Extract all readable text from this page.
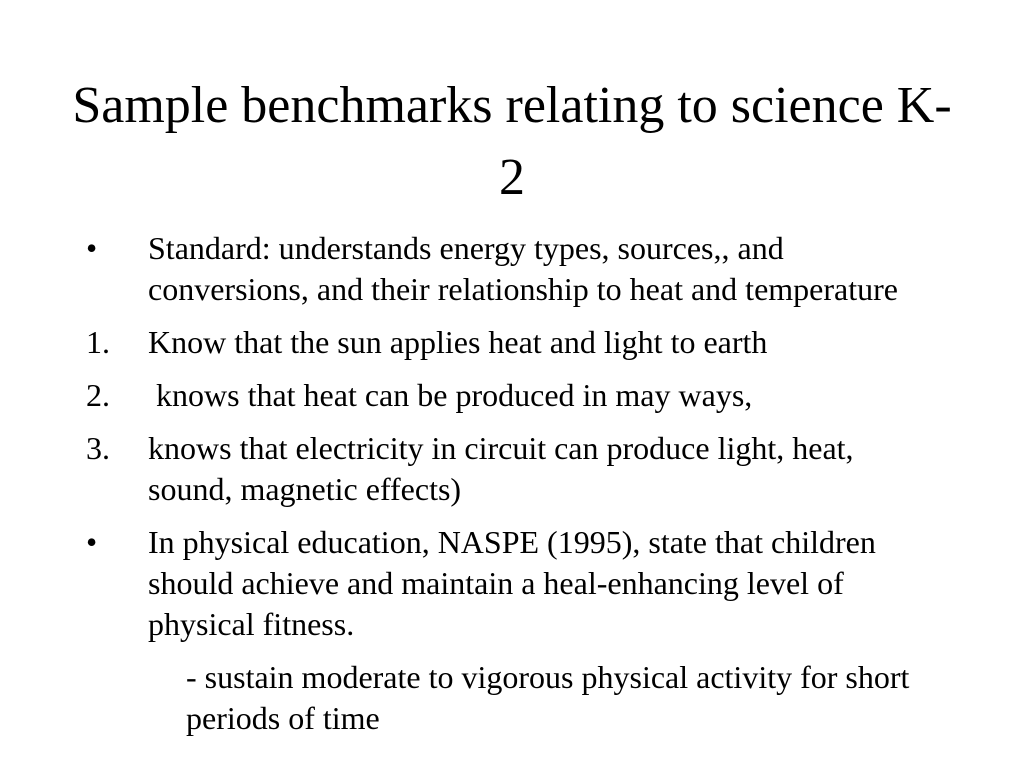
Sample benchmarks relating to science K-2
• Standard: understands energy types, sources,, and conversions, and their relationship to heat and temperature
1. Know that the sun applies heat and light to earth
2. knows that heat can be produced in may ways,
3. knows that electricity in circuit can produce light, heat, sound, magnetic effects)
• In physical education, NASPE (1995), state that children should achieve and maintain a heal-enhancing level of physical fitness.
- sustain moderate to vigorous physical activity for short periods of time
